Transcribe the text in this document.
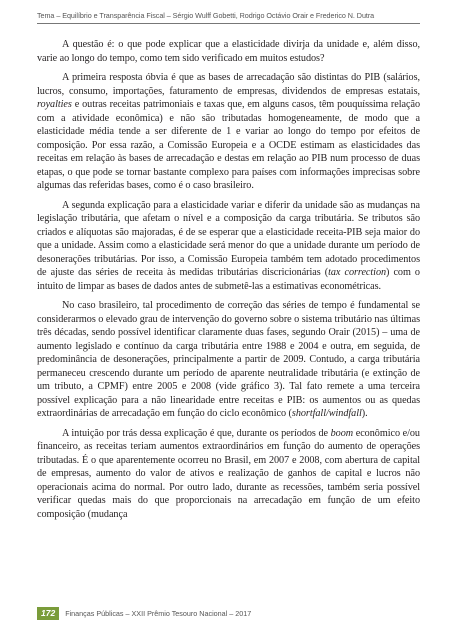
Tema – Equilíbrio e Transparência Fiscal – Sérgio Wulff Gobetti, Rodrigo Octávio Orair e Frederico N. Dutra

A questão é: o que pode explicar que a elasticidade divirja da unidade e, além disso, varie ao longo do tempo, como tem sido verificado em muitos estudos?

A primeira resposta óbvia é que as bases de arrecadação são distintas do PIB (salários, lucros, consumo, importações, faturamento de empresas, dividendos de empresas estatais, royalties e outras receitas patrimoniais e taxas que, em alguns casos, têm pouquíssima relação com a atividade econômica) e não são tributadas homogeneamente, de modo que a elasticidade média tende a ser diferente de 1 e variar ao longo do tempo por efeitos de composição. Por essa razão, a Comissão Europeia e a OCDE estimam as elasticidades das receitas em relação às bases de arrecadação e destas em relação ao PIB num processo de duas etapas, o que pode se tornar bastante complexo para países com informações imprecisas sobre algumas das referidas bases, como é o caso brasileiro.

A segunda explicação para a elasticidade variar e diferir da unidade são as mudanças na legislação tributária, que afetam o nível e a composição da carga tributária. Se tributos são criados e alíquotas são majoradas, é de se esperar que a elasticidade receita-PIB seja maior do que a unidade. Assim como a elasticidade será menor do que a unidade durante um período de desonerações tributárias. Por isso, a Comissão Europeia também tem adotado procedimentos de ajuste das séries de receita às medidas tributárias discricionárias (tax correction) com o intuito de limpar as bases de dados antes de submetê-las a estimativas econométricas.

No caso brasileiro, tal procedimento de correção das séries de tempo é fundamental se considerarmos o elevado grau de intervenção do governo sobre o sistema tributário nas últimas três décadas, sendo possível identificar claramente duas fases, segundo Orair (2015) – uma de aumento legislado e contínuo da carga tributária entre 1988 e 2004 e outra, em seguida, de predominância de desonerações, principalmente a partir de 2009. Contudo, a carga tributária permaneceu crescendo durante um período de aparente neutralidade tributária (e extinção de um tributo, a CPMF) entre 2005 e 2008 (vide gráfico 3). Tal fato remete a uma terceira possível explicação para a não linearidade entre receitas e PIB: os aumentos ou as quedas extraordinárias de arrecadação em função do ciclo econômico (shortfall/windfall).

A intuição por trás dessa explicação é que, durante os períodos de boom econômico e/ou financeiro, as receitas teriam aumentos extraordinários em função do aumento de operações tributadas. É o que aparentemente ocorreu no Brasil, em 2007 e 2008, com abertura de capital de empresas, aumento do valor de ativos e realização de ganhos de capital e lucros não operacionais acima do normal. Por outro lado, durante as recessões, também seria possível verificar quedas mais do que proporcionais na arrecadação em função de um efeito composição (mudança

172	Finanças Públicas – XXII Prêmio Tesouro Nacional – 2017
